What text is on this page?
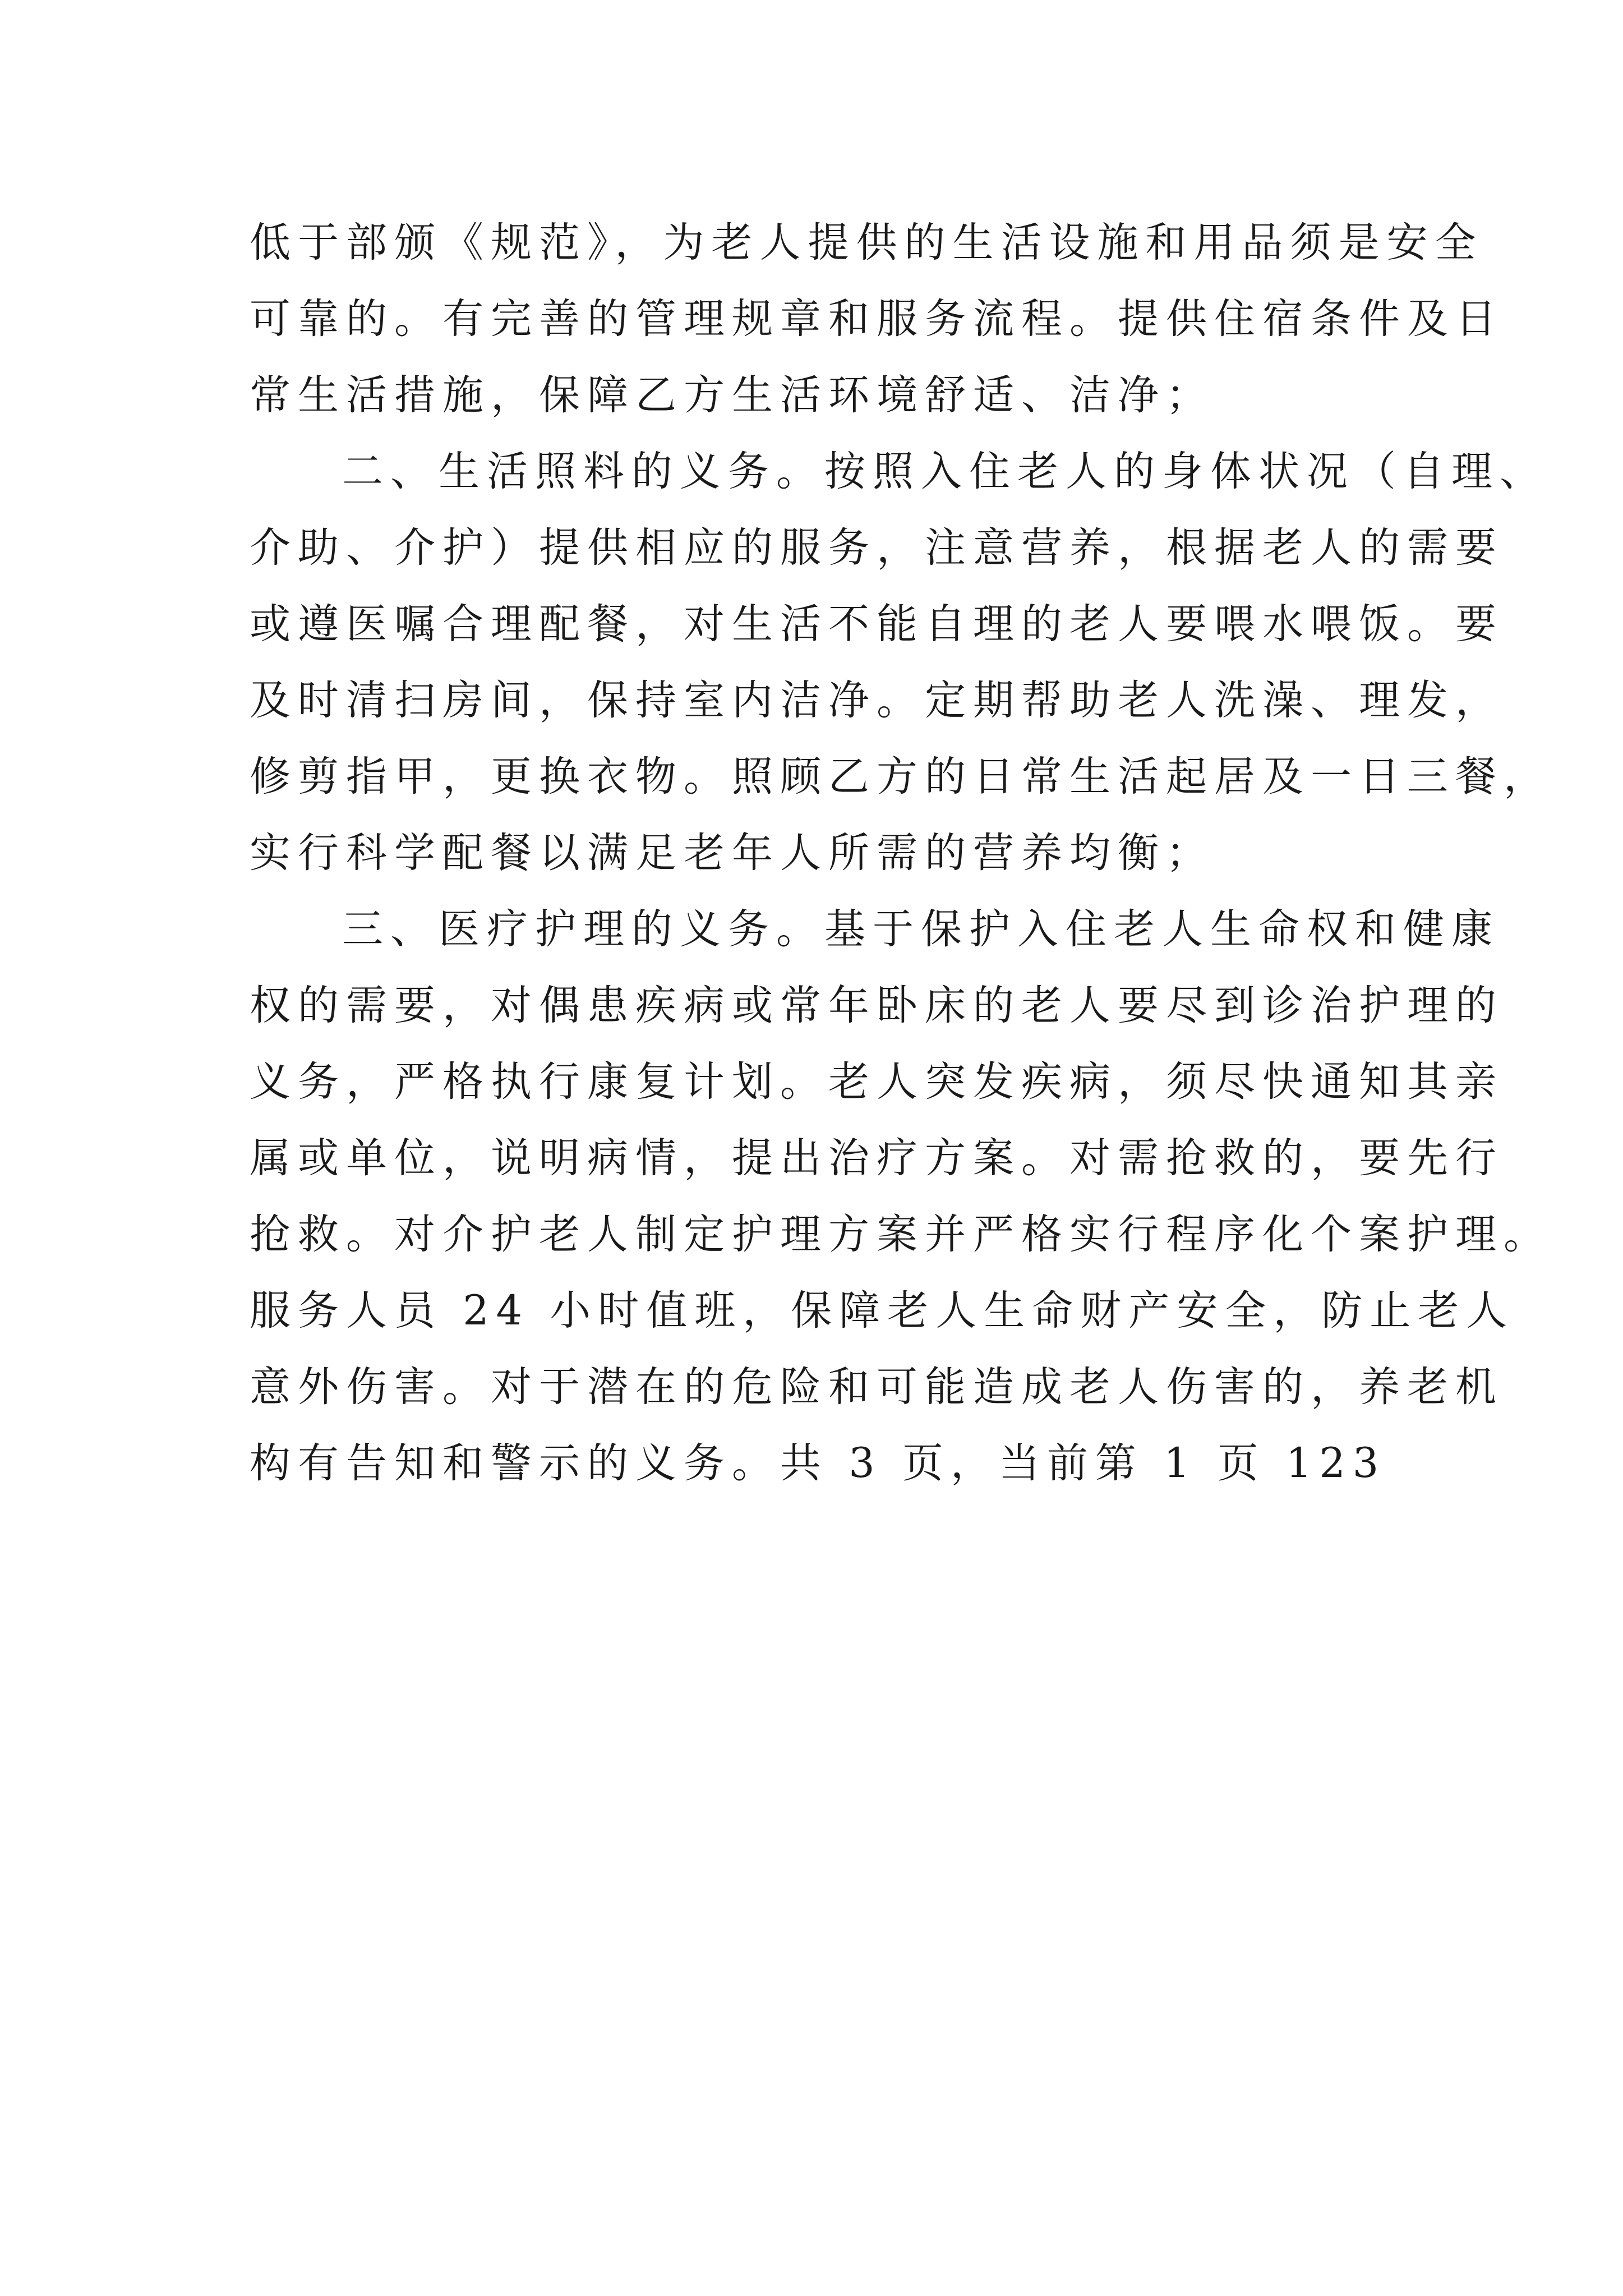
低于部颁《规范》，为老人提供的生活设施和用品须是安全
可靠的。有完善的管理规章和服务流程。提供住宿条件及日
常生活措施，保障乙方生活环境舒适、洁净；
二、生活照料的义务。按照入住老人的身体状况（自理、
介助、介护）提供相应的服务，注意营养，根据老人的需要
或遵医嘱合理配餐，对生活不能自理的老人要喂水喂饭。要
及时清扫房间，保持室内洁净。定期帮助老人洗澡、理发，
修剪指甲，更换衣物。照顾乙方的日常生活起居及一日三餐，
实行科学配餐以满足老年人所需的营养均衡；
三、医疗护理的义务。基于保护入住老人生命权和健康
权的需要，对偶患疾病或常年卧床的老人要尽到诊治护理的
义务，严格执行康复计划。老人突发疾病，须尽快通知其亲
属或单位，说明病情，提出治疗方案。对需抢救的，要先行
抢救。对介护老人制定护理方案并严格实行程序化个案护理。
服务人员 24 小时值班，保障老人生命财产安全，防止老人
意外伤害。对于潜在的危险和可能造成老人伤害的，养老机
构有告知和警示的义务。共 3 页，当前第 1 页 123
